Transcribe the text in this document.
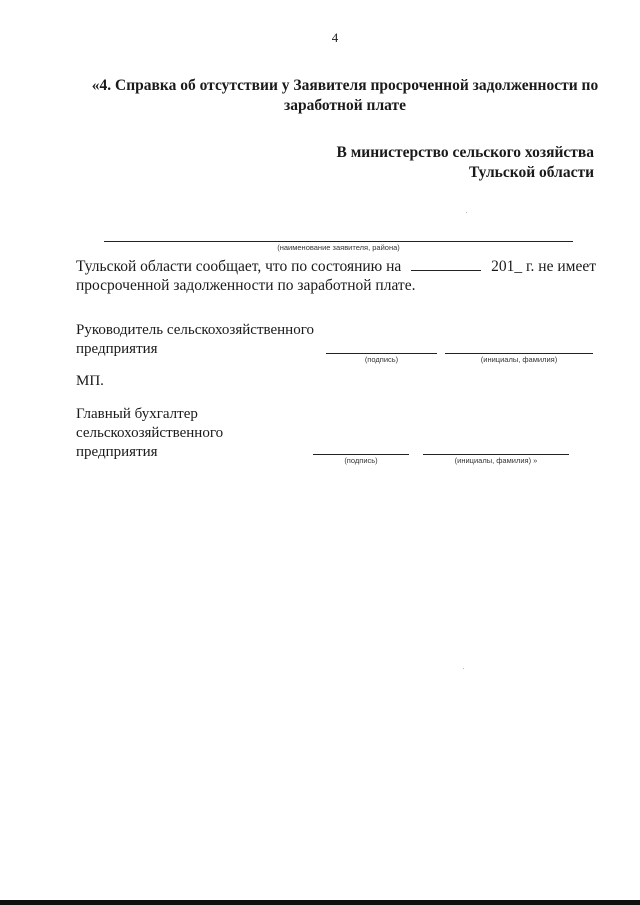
4
«4. Справка об отсутствии у Заявителя просроченной задолженности по заработной плате
В министерство сельского хозяйства
Тульской области
(наименование заявителя, района)
Тульской области сообщает, что по состоянию на	201_ г. не имеет
просроченной задолженности по заработной плате.
Руководитель сельскохозяйственного
предприятия
(подпись)	(инициалы, фамилия)
МП.
Главный бухгалтер
сельскохозяйственного
предприятия
(подпись)	(инициалы, фамилия) »
